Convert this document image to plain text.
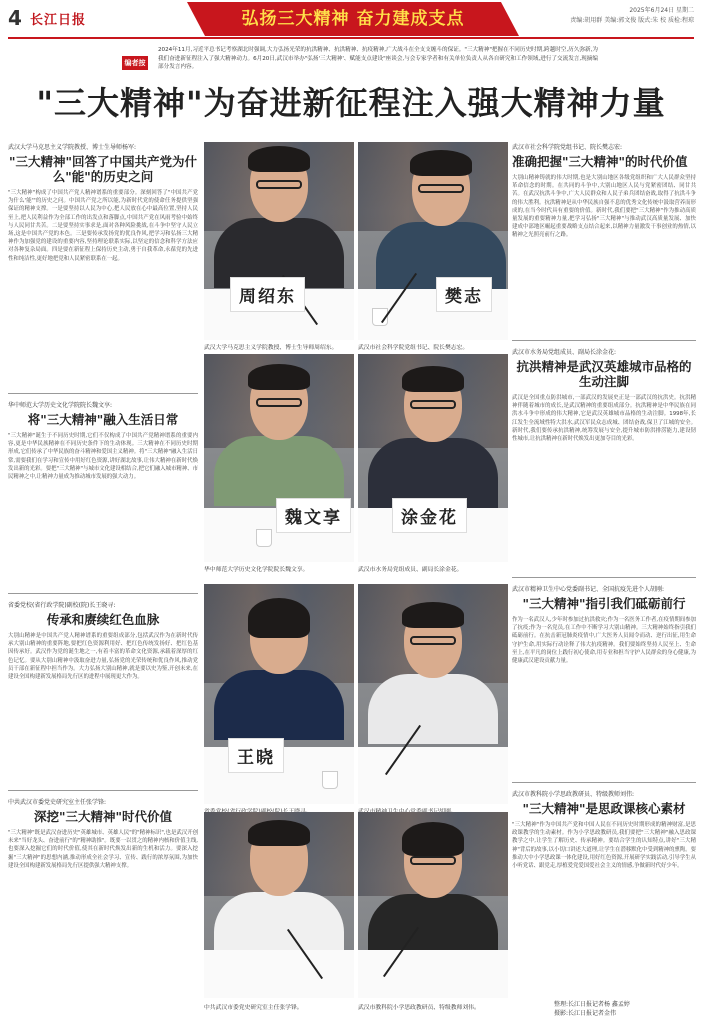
4 长江日报	弘扬三大精神 奋力建成支点	2025年6月24日 星期二
责编:胡用群 美编:郭文俊 版式:朱 校 质检:程琼
编者按
2024年11月,习近平总书记考察湖北时强调,大力弘扬光荣的抗洪精神、抗洪精神、抗疫精神,广大战斗在全支支缠斗的保证。"三大精神"把握在不同历史时期,跨越时空,历久弥新,为我们奋进新征程注入了强大精神动力。6月20日,武汉市举办"弘扬'三大精神'、赋能支点建设"座谈会,与会专家学者和有关单位负责人从各自研究和工作领域,进行了交流发言,现摘编部分发言内容。
"三大精神"为奋进新征程注入强大精神力量
武汉大学马克思主义学院教授、博士生导师杨军:
"三大精神"回答了中国共产党为什么"能"的历史之问
"三大精神"构成了中国共产党人精神谱系的重要部分。深刻回答了"中国共产党为什么'能'"的历史之问。中国共产党之所以能,为新时代党的使命任务提供坚强保证的精神支撑。一是要坚持以人民为中心,把人民放在心中最高位置,坚持人民至上,把人民利益作为全部工作的出发点和落脚点,中国共产党在风雨考验中始终与人民同甘共苦。二是要坚持实事求是,面对各种风险挑战,在斗争中坚守人民立场,这是中国共产党的本色。三是要传承发扬党的优良作风,把学习和弘扬三大精神作为加强党的建设的重要内容,坚持理论联系实际,以坚定的信念和科学方法应对各种复杂局面。四是要在新征程上保持历史主动,勇于自我革命,永葆党的先进性和纯洁性,更好地把党和人民紧密联系在一起。
华中师范大学历史文化学院院长魏文享:
将"三大精神"融入生活日常
"三大精神"诞生于不同历史时期,它们不仅构成了中国共产党精神谱系的重要内容,更是中华民族精神在不同历史条件下的生动体现。三大精神在不同历史时期形成,它们传承了中华民族的奋斗精神和爱国主义精神。将"三大精神"融入生活日常,需要我们在学习和宣传中用好红色资源,讲好湖北故事,让伟大精神在新时代焕发出新的光彩。要把"三大精神"与城市文化建设相结合,把它们融入城市精神、市民精神之中,让精神力量成为推动城市发展的强大动力。
省委党校(省行政学院)副校(院)长王晓寻:
传承和赓续红色血脉
大别山精神是中国共产党人精神谱系的重要组成部分,包括武汉作为在新时代传承大别山精神的重要阵地,要把红色资源利用好、把红色传统发扬好、把红色基因传承好。武汉作为党的诞生地之一,有着丰富的革命文化资源,承载着深厚的红色记忆。要从大别山精神中汲取奋进力量,弘扬党的光荣传统和优良作风,推动党员干部在新征程中担当作为。大力弘扬大别山精神,就是要以史为鉴,开创未来,在建设全国构建新发展格局先行区的进程中展现更大作为。
中共武汉市委党史研究室主任张学锋:
深挖"三大精神"时代价值
"三大精神"既是武汉奋进历史"英雄城市、英雄人民"的"精神标识",也是武汉开创未来"当好龙头、奋进前行"的"精神助推"。既要一以贯之的精神内核和价值主线,也要深入挖掘它们的时代价值,使其在新时代焕发出新的生机和活力。要深入挖掘"三大精神"的思想内涵,推动形成全社会学习、宣传、践行的浓厚氛围,为加快建设全国构建新发展格局先行区提供强大精神支撑。
武汉市社会科学院党组书记、院长樊志宏:
准确把握"三大精神"的时代价值
大别山精神铸就的伟大时期,也是大别山地区各级党组织和广大人民群众坚持革命信念的时期。在共同的斗争中,大别山地区人民与党紧密团结、同甘共苦。在武汉抗洪斗争中,广大人民群众和人民子弟兵团结奋战,取得了抗洪斗争的伟大胜利。抗洪精神是从中华民族自强不息的优秀文化传统中汲取营养而形成的,在当今时代具有重要的价值。新时代,我们要把"三大精神"作为推动高质量发展的重要精神力量,把学习弘扬"三大精神"与推动武汉高质量发展、加快建成中部地区崛起重要战略支点结合起来,以精神力量激发干事创业的热情,以精神之光照亮前行之路。
武汉市水务局党组成员、副局长涂金花:
抗洪精神是武汉英雄城市品格的生动注脚
武汉是全国重点防洪城市,一部武汉的发展史正是一部武汉的抗洪史。抗洪精神伴随着城市的成长,是武汉精神的重要组成部分。抗洪精神是中华民族在同洪水斗争中形成的伟大精神,它是武汉英雄城市品格的生动注脚。1998年,长江发生全流域性特大洪水,武汉军民众志成城、团结奋战,保卫了江城的安全。新时代,我们要传承抗洪精神,统筹发展与安全,提升城市防洪排涝能力,建设韧性城市,让抗洪精神在新时代焕发出更加夺目的光彩。
武汉市精神卫生中心党委副书记、全国抗疫先进个人胡刚:
"三大精神"指引我们砥砺前行
作为一名武汉人,少年时参加过抗洪救灾;作为一名医务工作者,在疫情期间参加了抗疫;作为一名党员,在工作中不断学习大别山精神。三大精神始终指引我们砥砺前行。在抗击新冠肺炎疫情中,广大医务人员闻令而动、逆行出征,用生命守护生命,用实际行动诠释了伟大抗疫精神。我们要始终坚持人民至上、生命至上,在平凡的岗位上践行初心使命,用专业和担当守护人民群众的身心健康,为健康武汉建设贡献力量。
武汉市教科院小学思政教研员、特级教师刘伟:
"三大精神"是思政课核心素材
"三大精神"作为中国共产党和中国人民在不同历史时期形成的精神财富,是思政课教学的生动素材。作为小学思政教研员,我们要把"三大精神"融入思政课教学之中,让学生了解历史、传承精神。要结合学生的认知特点,讲好"三大精神"背后的故事,以小切口讲述大道理,让学生在潜移默化中受到精神的熏陶。要推动大中小学思政课一体化建设,用好红色资源,开展研学实践活动,引导学生从小听党话、跟党走,厚植爱党爱国爱社会主义的情感,争做新时代好少年。
周绍东
武汉大学马克思主义学院教授、博士生导师周绍东。
樊志
武汉市社会科学院党组书记、院长樊志宏。
魏文享
华中师范大学历史文化学院院长魏文享。
涂金花
武汉市水务局党组成员、副局长涂金花。
王晓
中共武汉市委党史研究室主任张学锋。	武汉市教科院小学思政教研员、特级教师刘伟。	整理:长江日报记者杨 鑫孟婷
摄影:长江日报记者金伟
